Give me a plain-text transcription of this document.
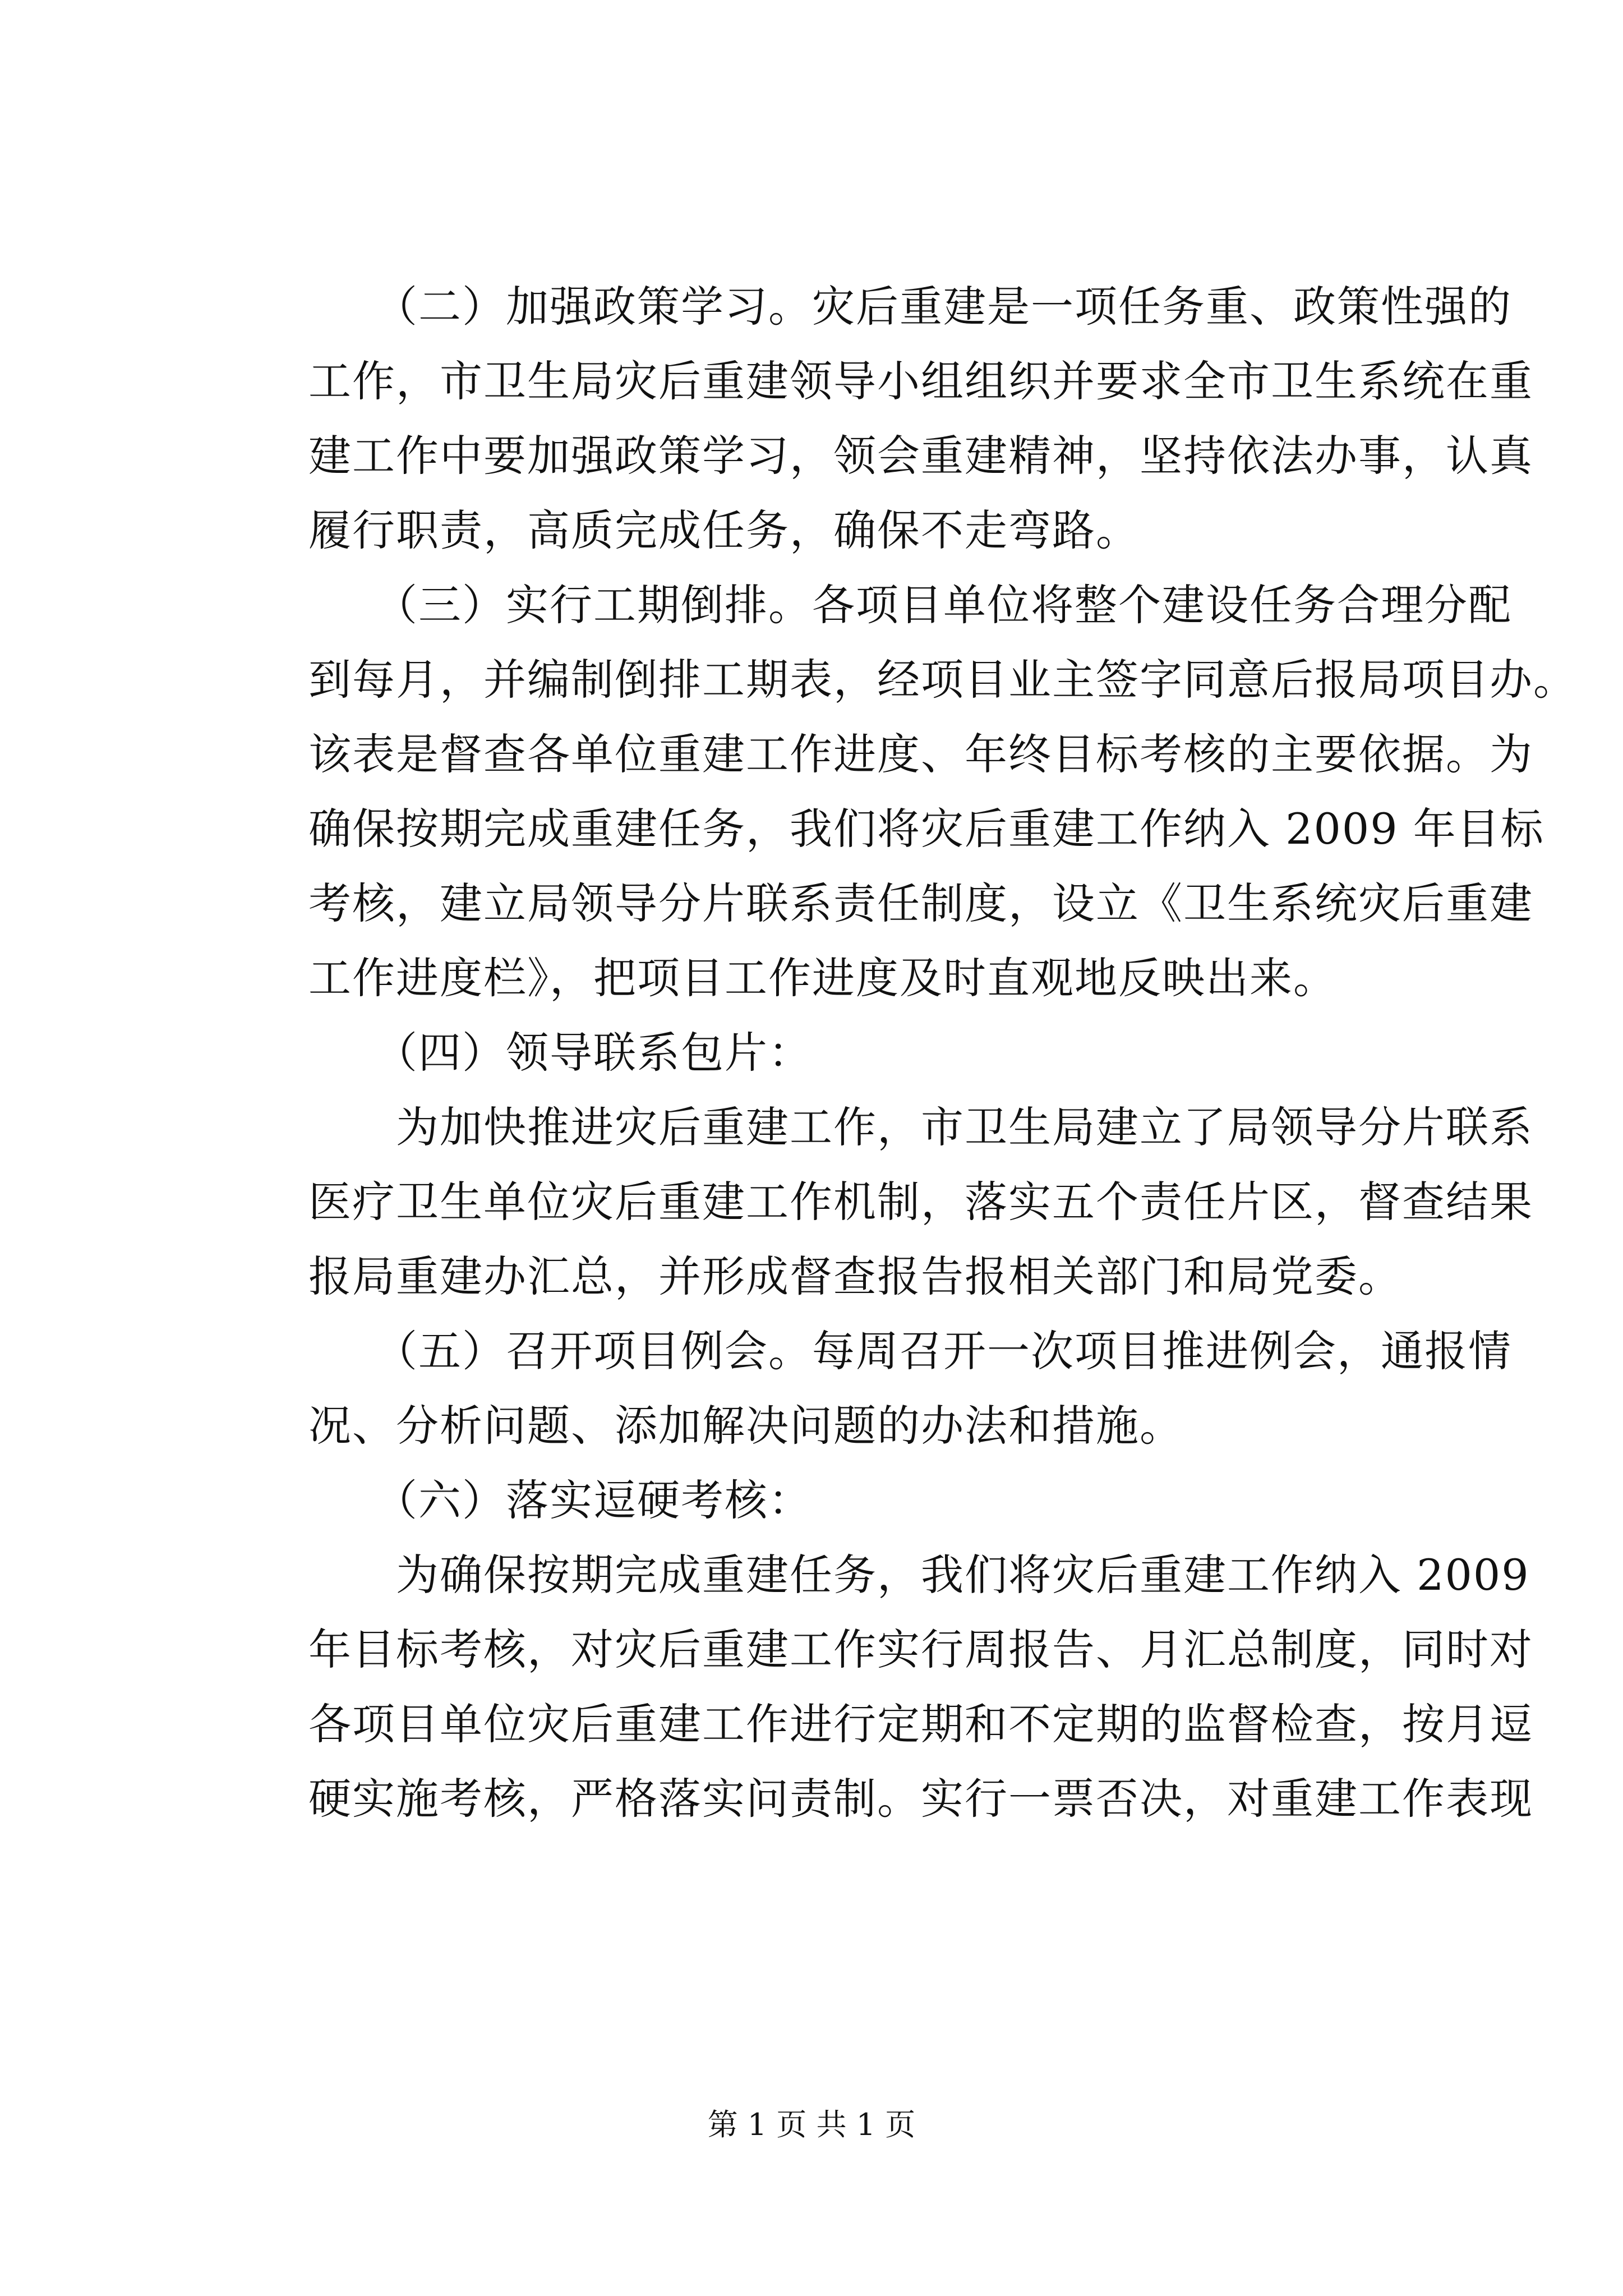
　　（二）加强政策学习。灾后重建是一项任务重、政策性强的
工作，市卫生局灾后重建领导小组组织并要求全市卫生系统在重
建工作中要加强政策学习，领会重建精神，坚持依法办事，认真
履行职责，高质完成任务，确保不走弯路。
　　（三）实行工期倒排。各项目单位将整个建设任务合理分配
到每月，并编制倒排工期表，经项目业主签字同意后报局项目办。
该表是督查各单位重建工作进度、年终目标考核的主要依据。为
确保按期完成重建任务，我们将灾后重建工作纳入 2009 年目标
考核，建立局领导分片联系责任制度，设立《卫生系统灾后重建
工作进度栏》，把项目工作进度及时直观地反映出来。
　　（四）领导联系包片：
　　为加快推进灾后重建工作，市卫生局建立了局领导分片联系
医疗卫生单位灾后重建工作机制，落实五个责任片区，督查结果
报局重建办汇总，并形成督查报告报相关部门和局党委。
　　（五）召开项目例会。每周召开一次项目推进例会，通报情
况、分析问题、添加解决问题的办法和措施。
　　（六）落实逗硬考核：
　　为确保按期完成重建任务，我们将灾后重建工作纳入 2009
年目标考核，对灾后重建工作实行周报告、月汇总制度，同时对
各项目单位灾后重建工作进行定期和不定期的监督检查，按月逗
硬实施考核，严格落实问责制。实行一票否决，对重建工作表现
第 1 页 共 1 页
